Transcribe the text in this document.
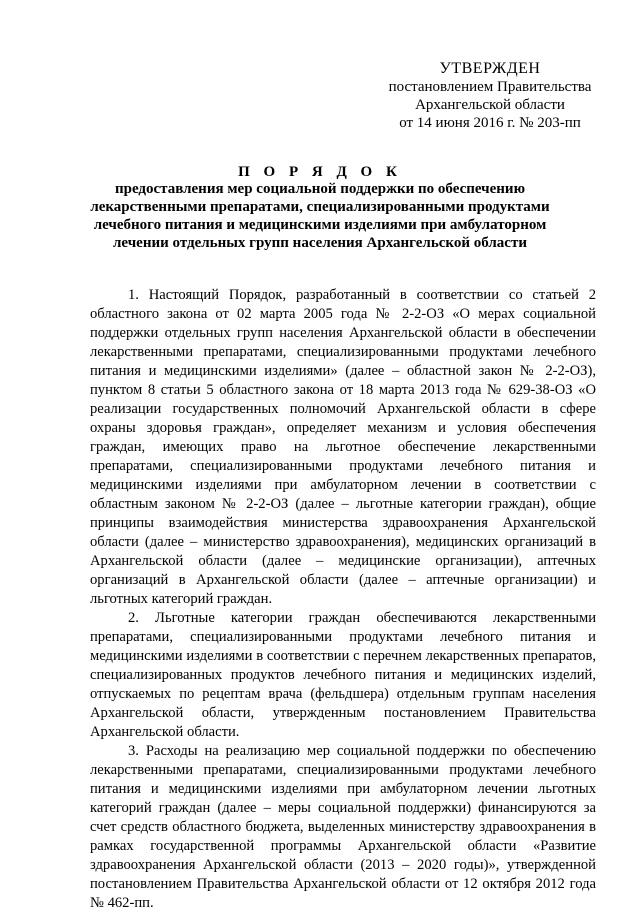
УТВЕРЖДЕН
постановлением Правительства
Архангельской области
от 14 июня 2016 г. № 203-пп
П О Р Я Д О К
предоставления мер социальной поддержки по обеспечению
лекарственными препаратами, специализированными продуктами
лечебного питания и медицинскими изделиями при амбулаторном
лечении отдельных групп населения Архангельской области

1. Настоящий Порядок, разработанный в соответствии со статьей 2 областного закона от 02 марта 2005 года № 2-2-ОЗ «О мерах социальной поддержки отдельных групп населения Архангельской области в обеспечении лекарственными препаратами, специализированными продуктами лечебного питания и медицинскими изделиями» (далее – областной закон № 2-2-ОЗ), пунктом 8 статьи 5 областного закона от 18 марта 2013 года № 629-38-ОЗ «О реализации государственных полномочий Архангельской области в сфере охраны здоровья граждан», определяет механизм и условия обеспечения граждан, имеющих право на льготное обеспечение лекарственными препаратами, специализированными продуктами лечебного питания и медицинскими изделиями при амбулаторном лечении в соответствии с областным законом № 2-2-ОЗ (далее – льготные категории граждан), общие принципы взаимодействия министерства здравоохранения Архангельской области (далее – министерство здравоохранения), медицинских организаций в Архангельской области (далее – медицинские организации), аптечных организаций в Архангельской области (далее – аптечные организации) и льготных категорий граждан.

2. Льготные категории граждан обеспечиваются лекарственными препаратами, специализированными продуктами лечебного питания и медицинскими изделиями в соответствии с перечнем лекарственных препаратов, специализированных продуктов лечебного питания и медицинских изделий, отпускаемых по рецептам врача (фельдшера) отдельным группам населения Архангельской области, утвержденным постановлением Правительства Архангельской области.

3. Расходы на реализацию мер социальной поддержки по обеспечению лекарственными препаратами, специализированными продуктами лечебного питания и медицинскими изделиями при амбулаторном лечении льготных категорий граждан (далее – меры социальной поддержки) финансируются за счет средств областного бюджета, выделенных министерству здравоохранения в рамках государственной программы Архангельской области «Развитие здравоохранения Архангельской области (2013 – 2020 годы)», утвержденной постановлением Правительства Архангельской области от 12 октября 2012 года № 462-пп.
